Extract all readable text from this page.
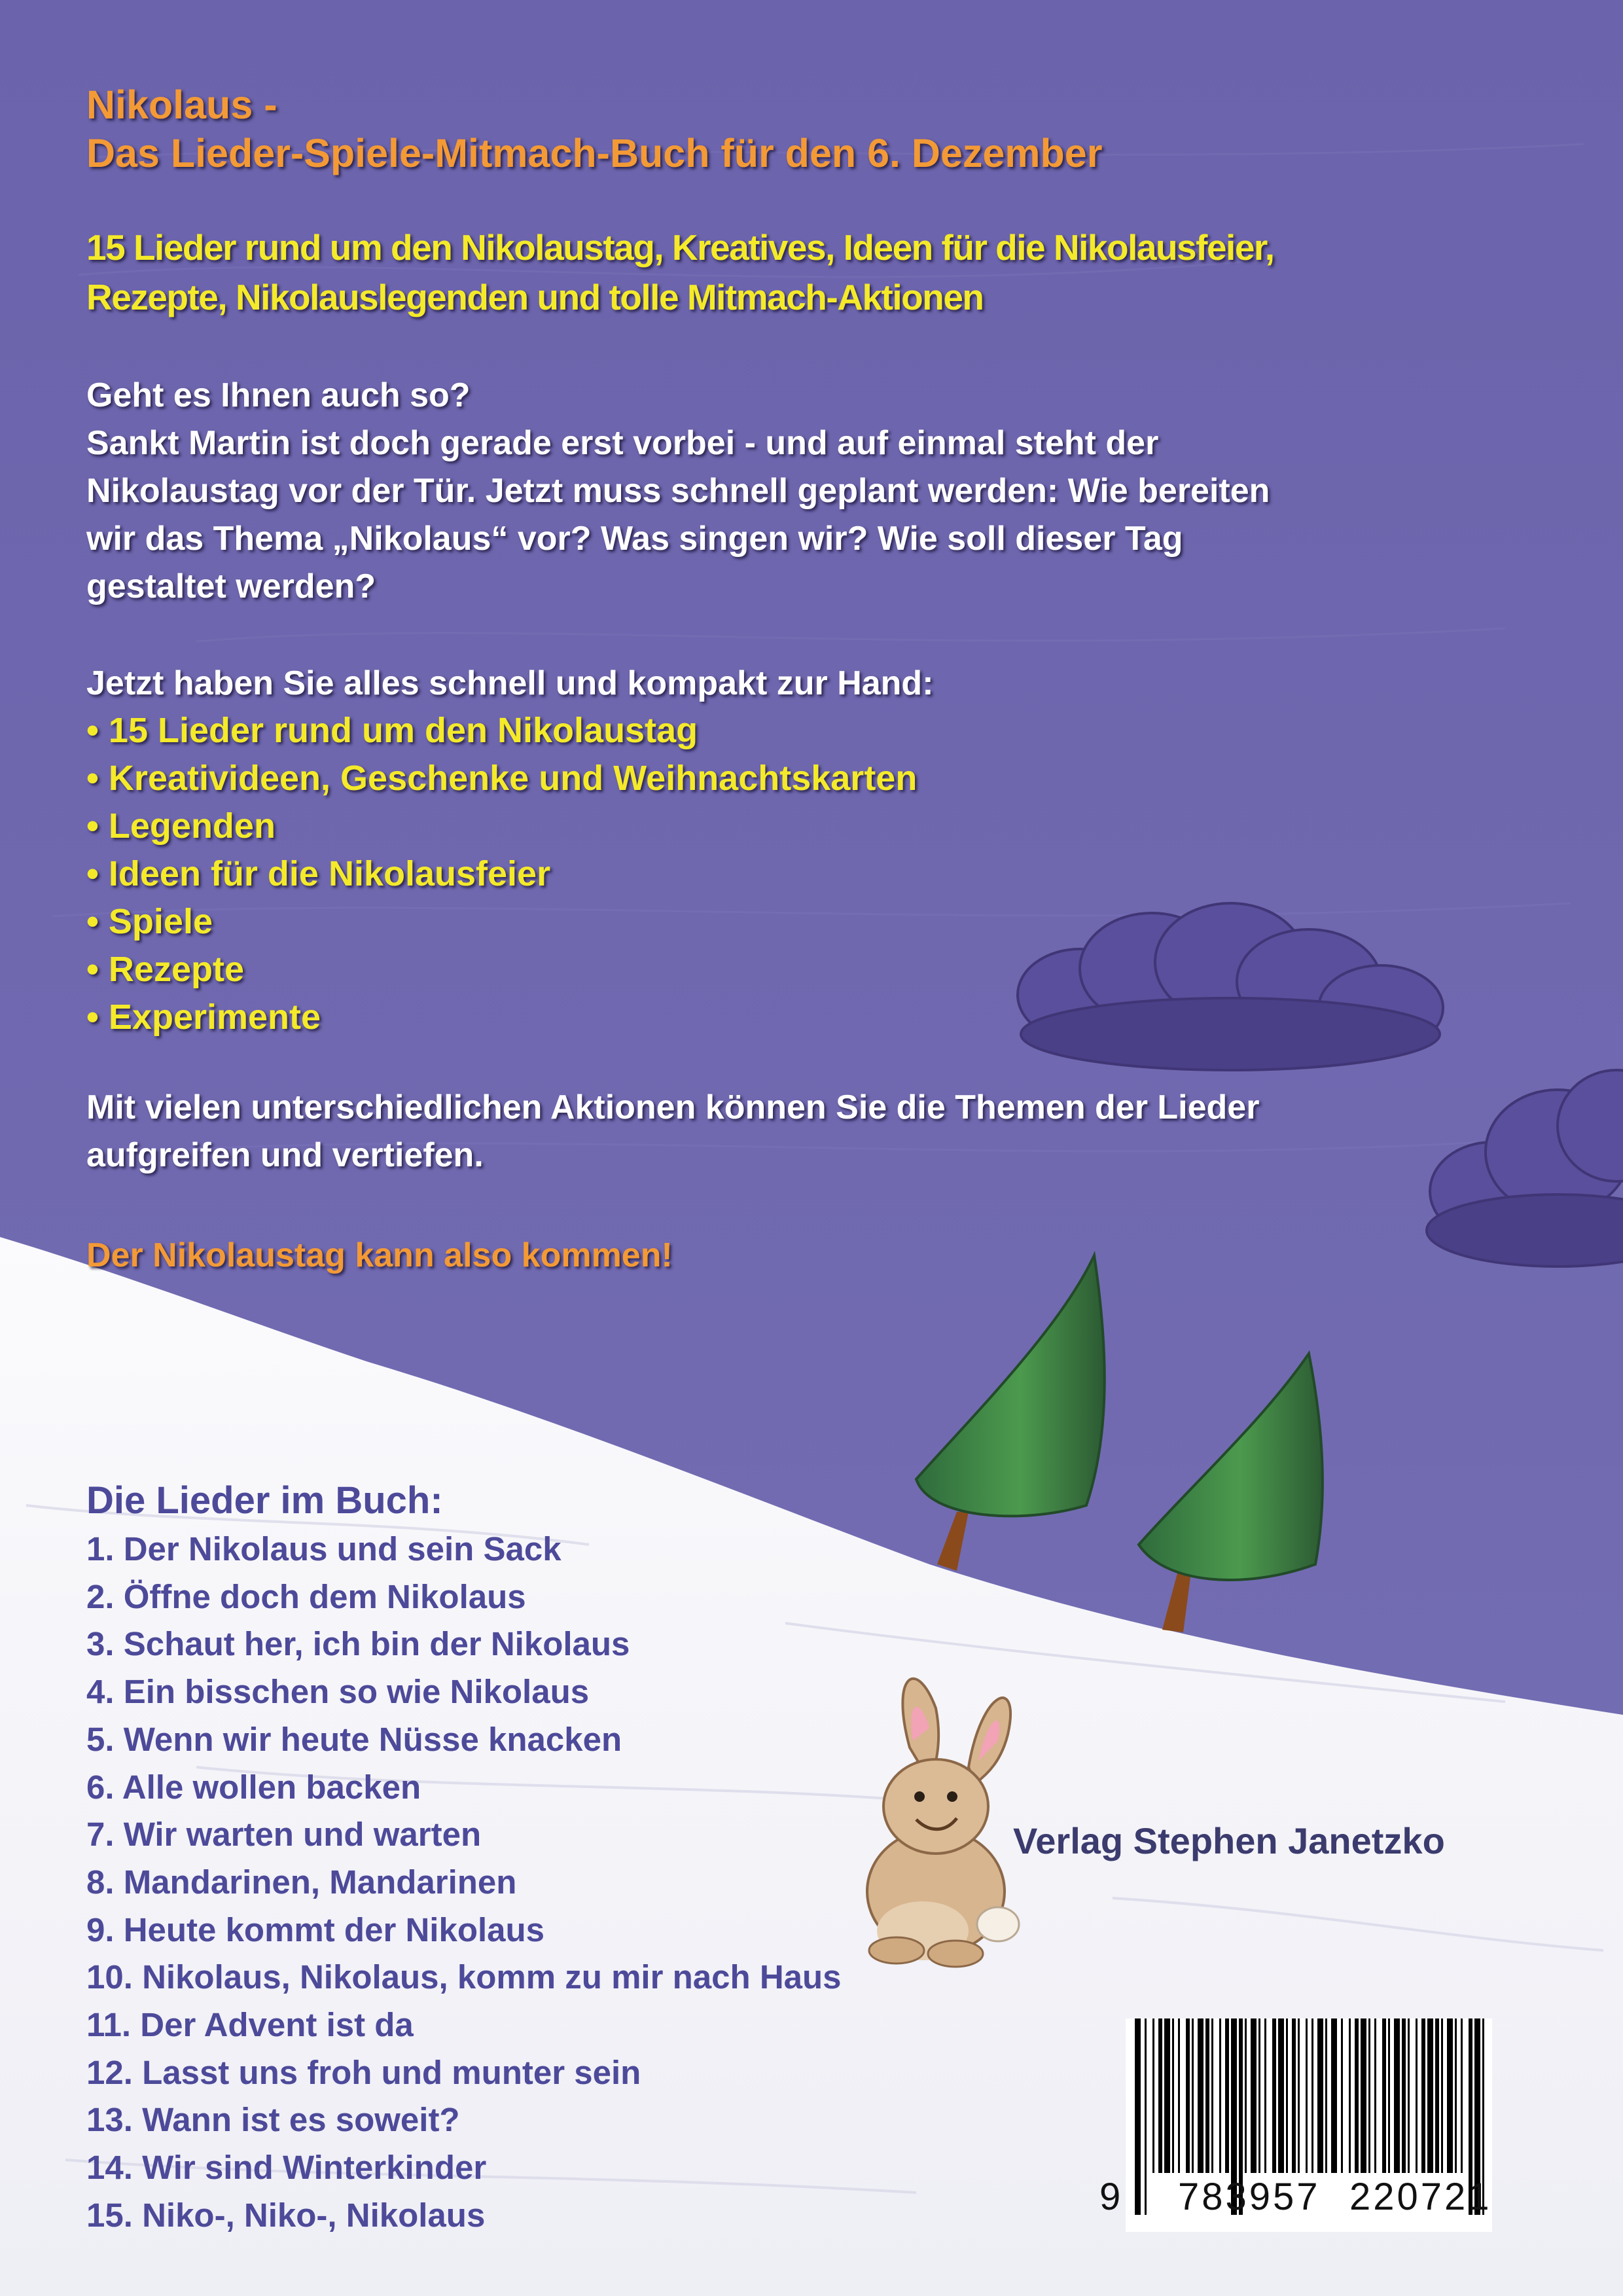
Nikolaus -
Das Lieder-Spiele-Mitmach-Buch für den 6. Dezember
15 Lieder rund um den Nikolaustag, Kreatives, Ideen für die Nikolausfeier,
Rezepte, Nikolauslegenden und tolle Mitmach-Aktionen
Geht es Ihnen auch so?
Sankt Martin ist doch gerade erst vorbei - und auf einmal steht der
Nikolaustag vor der Tür. Jetzt muss schnell geplant werden: Wie bereiten
wir das Thema „Nikolaus“ vor? Was singen wir? Wie soll dieser Tag
gestaltet werden?
Jetzt haben Sie alles schnell und kompakt zur Hand:
• 15 Lieder rund um den Nikolaustag
• Kreativideen, Geschenke und Weihnachtskarten
• Legenden
• Ideen für die Nikolausfeier
• Spiele
• Rezepte
• Experimente
Mit vielen unterschiedlichen Aktionen können Sie die Themen der Lieder
aufgreifen und vertiefen.
Der Nikolaustag kann also kommen!
Die Lieder im Buch:
1. Der Nikolaus und sein Sack
2. Öffne doch dem Nikolaus
3. Schaut her, ich bin der Nikolaus
4. Ein bisschen so wie Nikolaus
5. Wenn wir heute Nüsse knacken
6. Alle wollen backen
7. Wir warten und warten
8. Mandarinen, Mandarinen
9. Heute kommt der Nikolaus
10. Nikolaus, Nikolaus, komm zu mir nach Haus
11. Der Advent ist da
12. Lasst uns froh und munter sein
13. Wann ist es soweit?
14. Wir sind Winterkinder
15. Niko-, Niko-, Nikolaus
Verlag Stephen Janetzko
9 783957 220721
